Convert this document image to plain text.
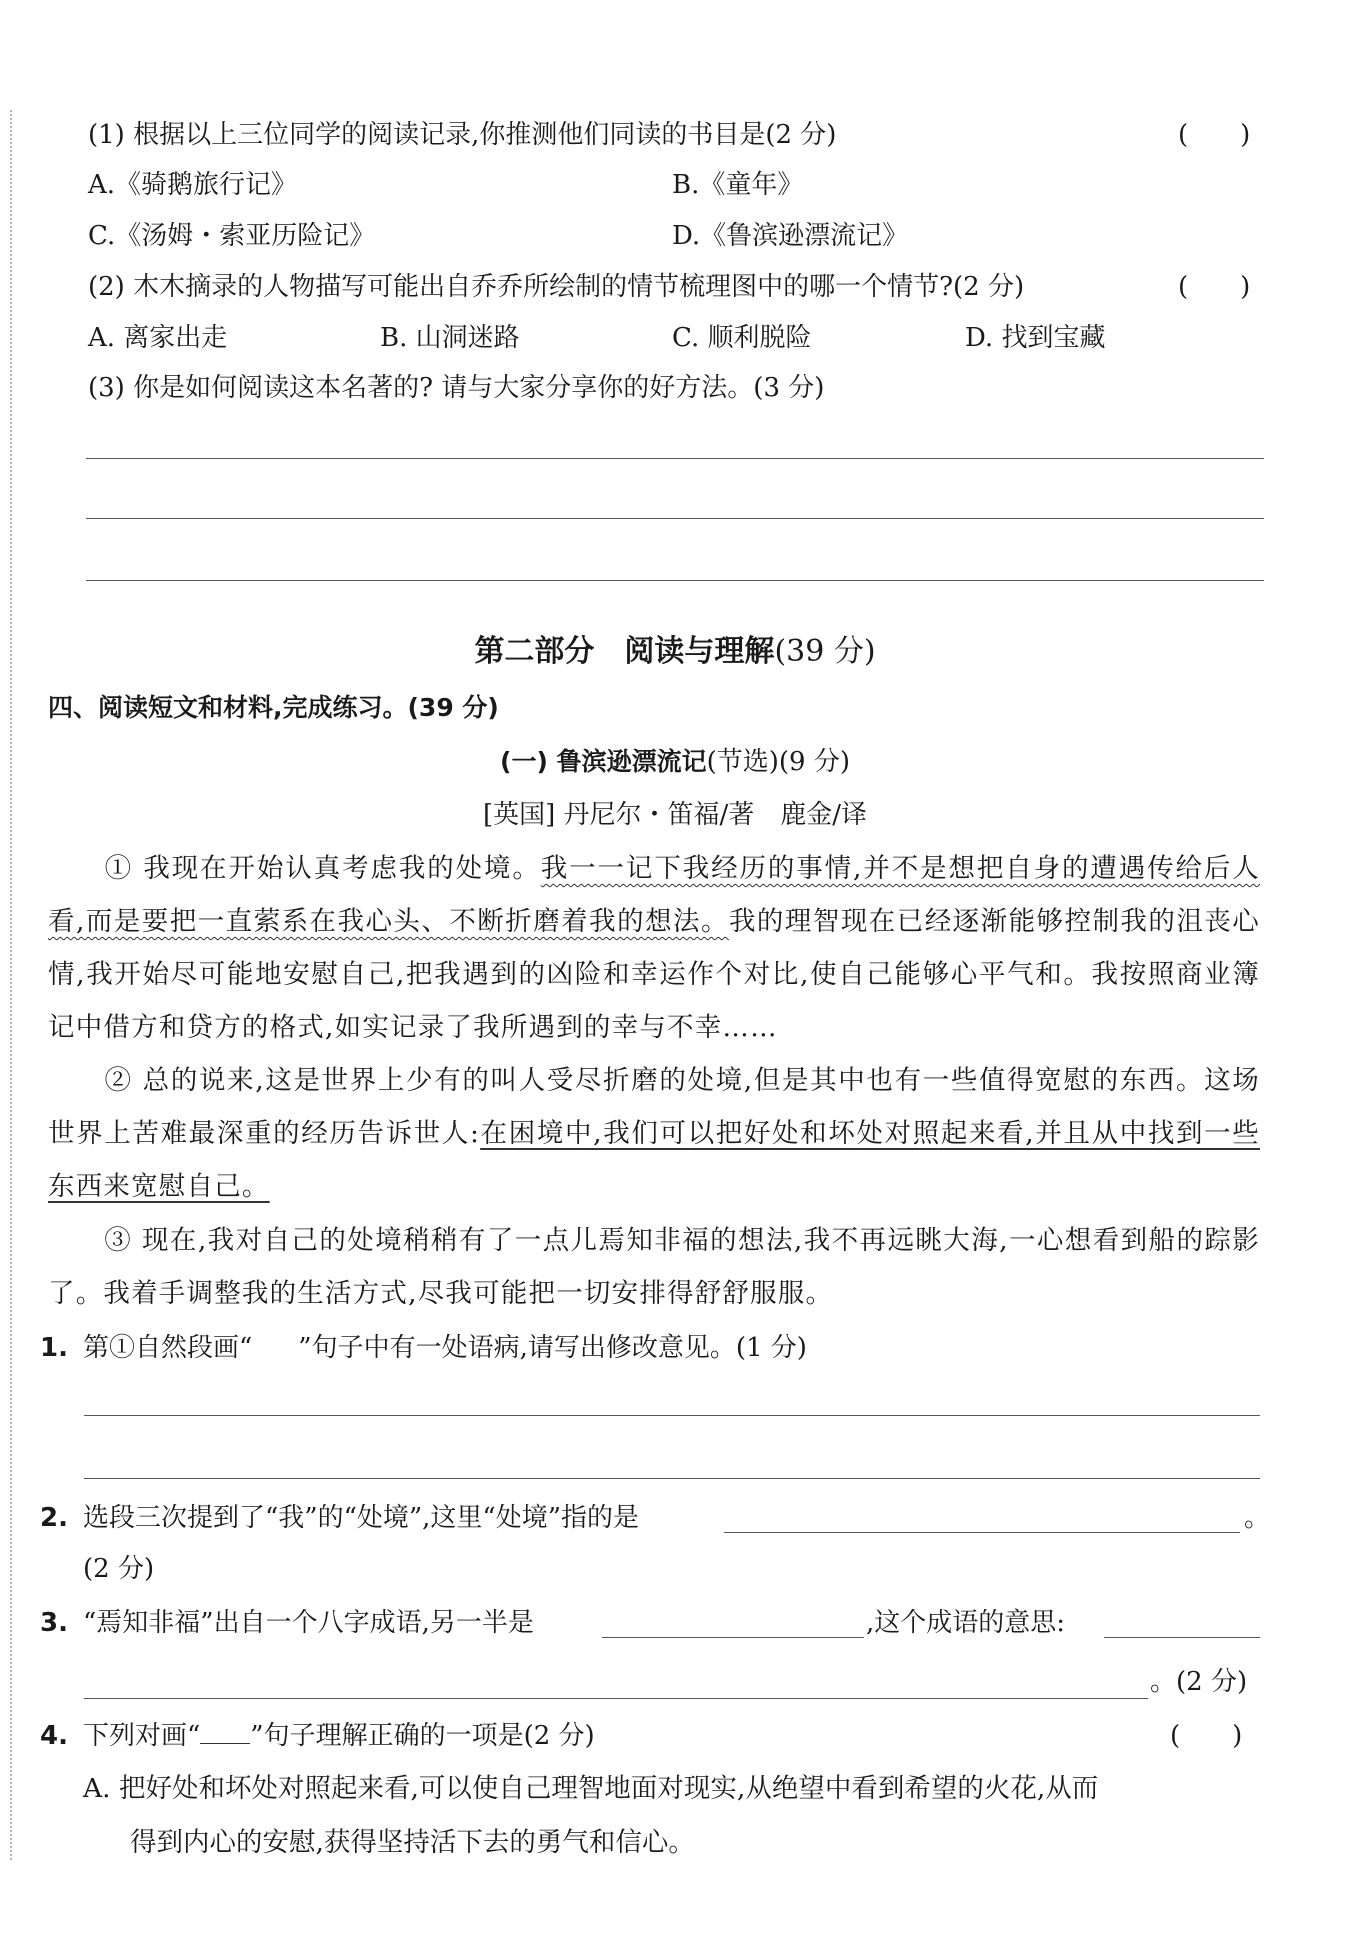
(1) 根据以上三位同学的阅读记录,你推测他们同读的书目是(2 分)	(　　)
A.《骑鹅旅行记》	B.《童年》
C.《汤姆・索亚历险记》	D.《鲁滨逊漂流记》
(2) 木木摘录的人物描写可能出自乔乔所绘制的情节梳理图中的哪一个情节?(2 分)	(　　)
A. 离家出走	B. 山洞迷路	C. 顺利脱险	D. 找到宝藏
(3) 你是如何阅读这本名著的? 请与大家分享你的好方法。(3 分)
第二部分　阅读与理解(39 分)
四、阅读短文和材料,完成练习。(39 分)
(一) 鲁滨逊漂流记(节选)(9 分)
[英国] 丹尼尔・笛福/著　鹿金/译
① 我现在开始认真考虑我的处境。我一一记下我经历的事情,并不是想把自身的遭遇传给后人看,而是要把一直萦系在我心头、不断折磨着我的想法。我的理智现在已经逐渐能够控制我的沮丧心情,我开始尽可能地安慰自己,把我遇到的凶险和幸运作个对比,使自己能够心平气和。我按照商业簿记中借方和贷方的格式,如实记录了我所遇到的幸与不幸……
② 总的说来,这是世界上少有的叫人受尽折磨的处境,但是其中也有一些值得宽慰的东西。这场世界上苦难最深重的经历告诉世人:在困境中,我们可以把好处和坏处对照起来看,并且从中找到一些东西来宽慰自己。
③ 现在,我对自己的处境稍稍有了一点儿焉知非福的想法,我不再远眺大海,一心想看到船的踪影了。我着手调整我的生活方式,尽我可能把一切安排得舒舒服服。
1. 第①自然段画“ ”句子中有一处语病,请写出修改意见。(1 分)
2. 选段三次提到了“我”的“处境”,这里“处境”指的是	。
(2 分)
3. “焉知非福”出自一个八字成语,另一半是	,这个成语的意思:
。(2 分)
4. 下列对画“ ”句子理解正确的一项是(2 分)	(　　)
A. 把好处和坏处对照起来看,可以使自己理智地面对现实,从绝望中看到希望的火花,从而
得到内心的安慰,获得坚持活下去的勇气和信心。
